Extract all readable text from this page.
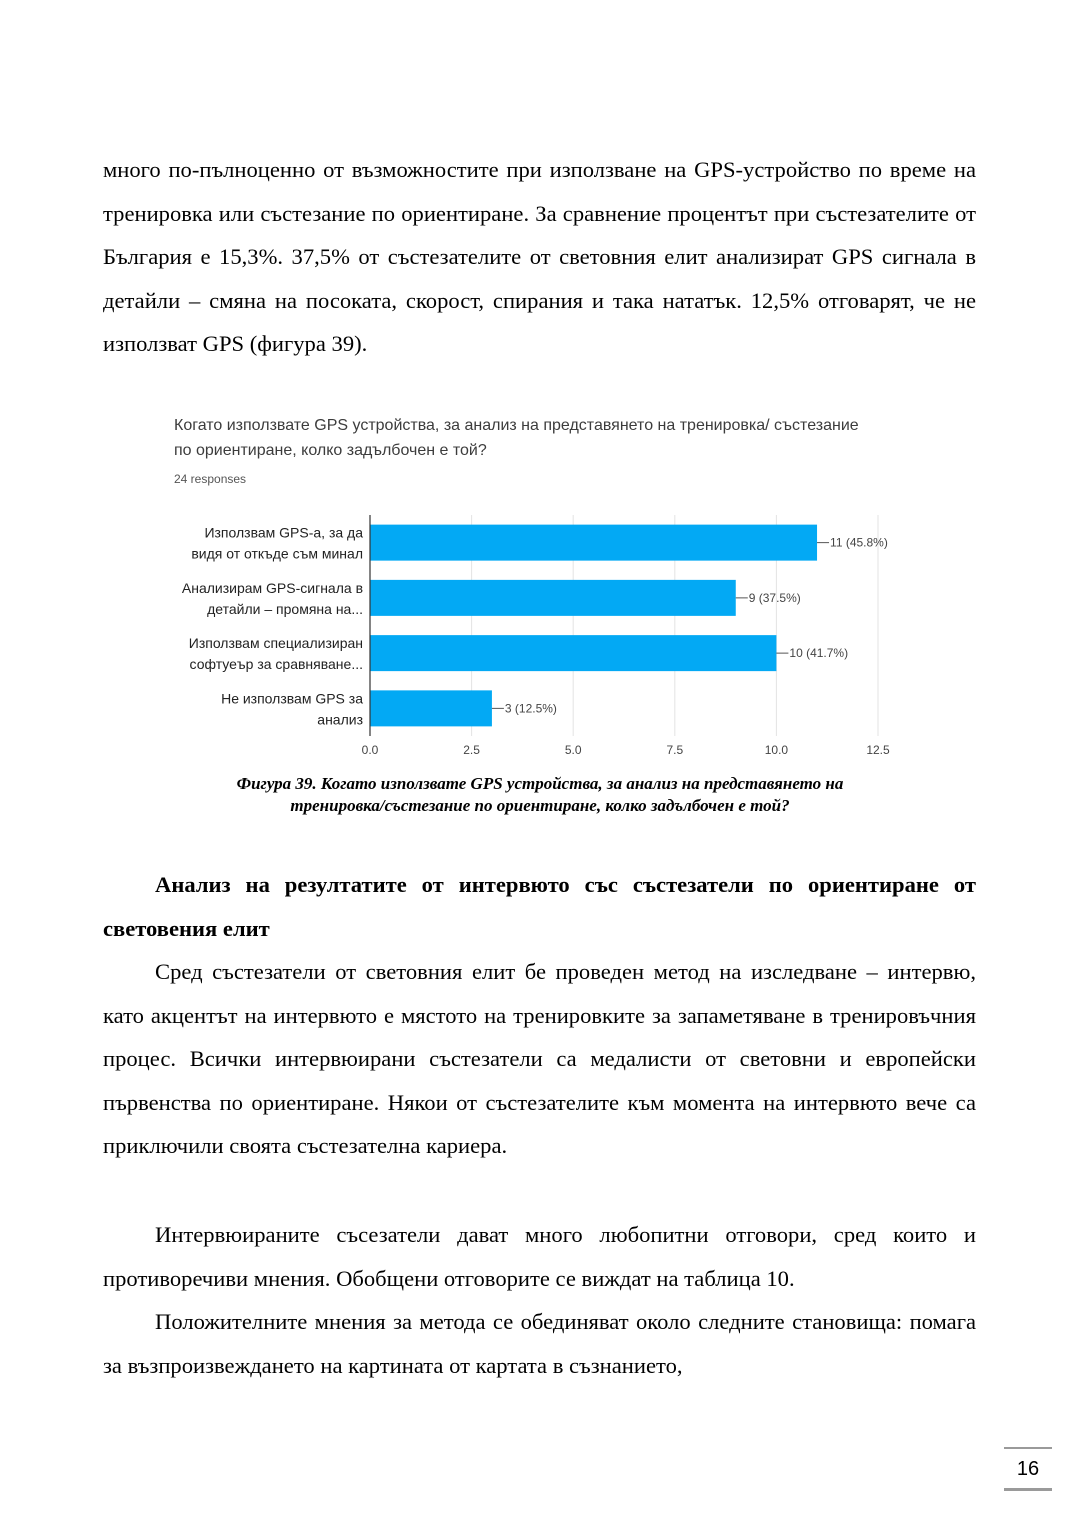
много по-пълноценно от възможностите при използване на GPS-устройство по време на тренировка или състезание по ориентиране. За сравнение процентът при състезателите от България е 15,3%. 37,5% от състезателите от световния елит анализират GPS сигнала в детайли – смяна на посоката, скорост, спирания и така нататък. 12,5% отговарят, че не използват GPS (фигура 39).

Когато използвате GPS устройства, за анализ на представянето на тренировка/ състезание по ориентиране, колко задълбочен е той?

24 responses
Използвам GPS-а, за да
видя от откъде съм минал
Анализирам GPS-сигнала в
детайли – промяна на...
Използвам специализиран
софтуеър за сравняване...
Не използвам GPS за
анализ
0.0	2.5	5.0	7.5	10.0	12.5
11 (45.8%)
9 (37.5%)
10 (41.7%)
3 (12.5%)

Фигура 39. Когато използвате GPS устройства, за анализ на представянето на
тренировка/състезание по ориентиране, колко задълбочен е той?

Анализ на резултатите от интервюто със състезатели по ориентиране от световения елит

Сред състезатели от световния елит бе проведен метод на изследване – интервю, като акцентът на интервюто е мястото на тренировките за запаметяване в тренировъчния процес. Всички интервюирани състезатели са медалисти от световни и европейски първенства по ориентиране. Някои от състезателите към момента на интервюто вече са приключили своята състезателна кариера.

Интервюираните съсезатели дават много любопитни отговори, сред които и противоречиви мнения. Обобщени отговорите се виждат на таблица 10.

Положителните мнения за метода се обединяват около следните становища: помага за възпроизвеждането на картината от картата в съзнанието,

16
